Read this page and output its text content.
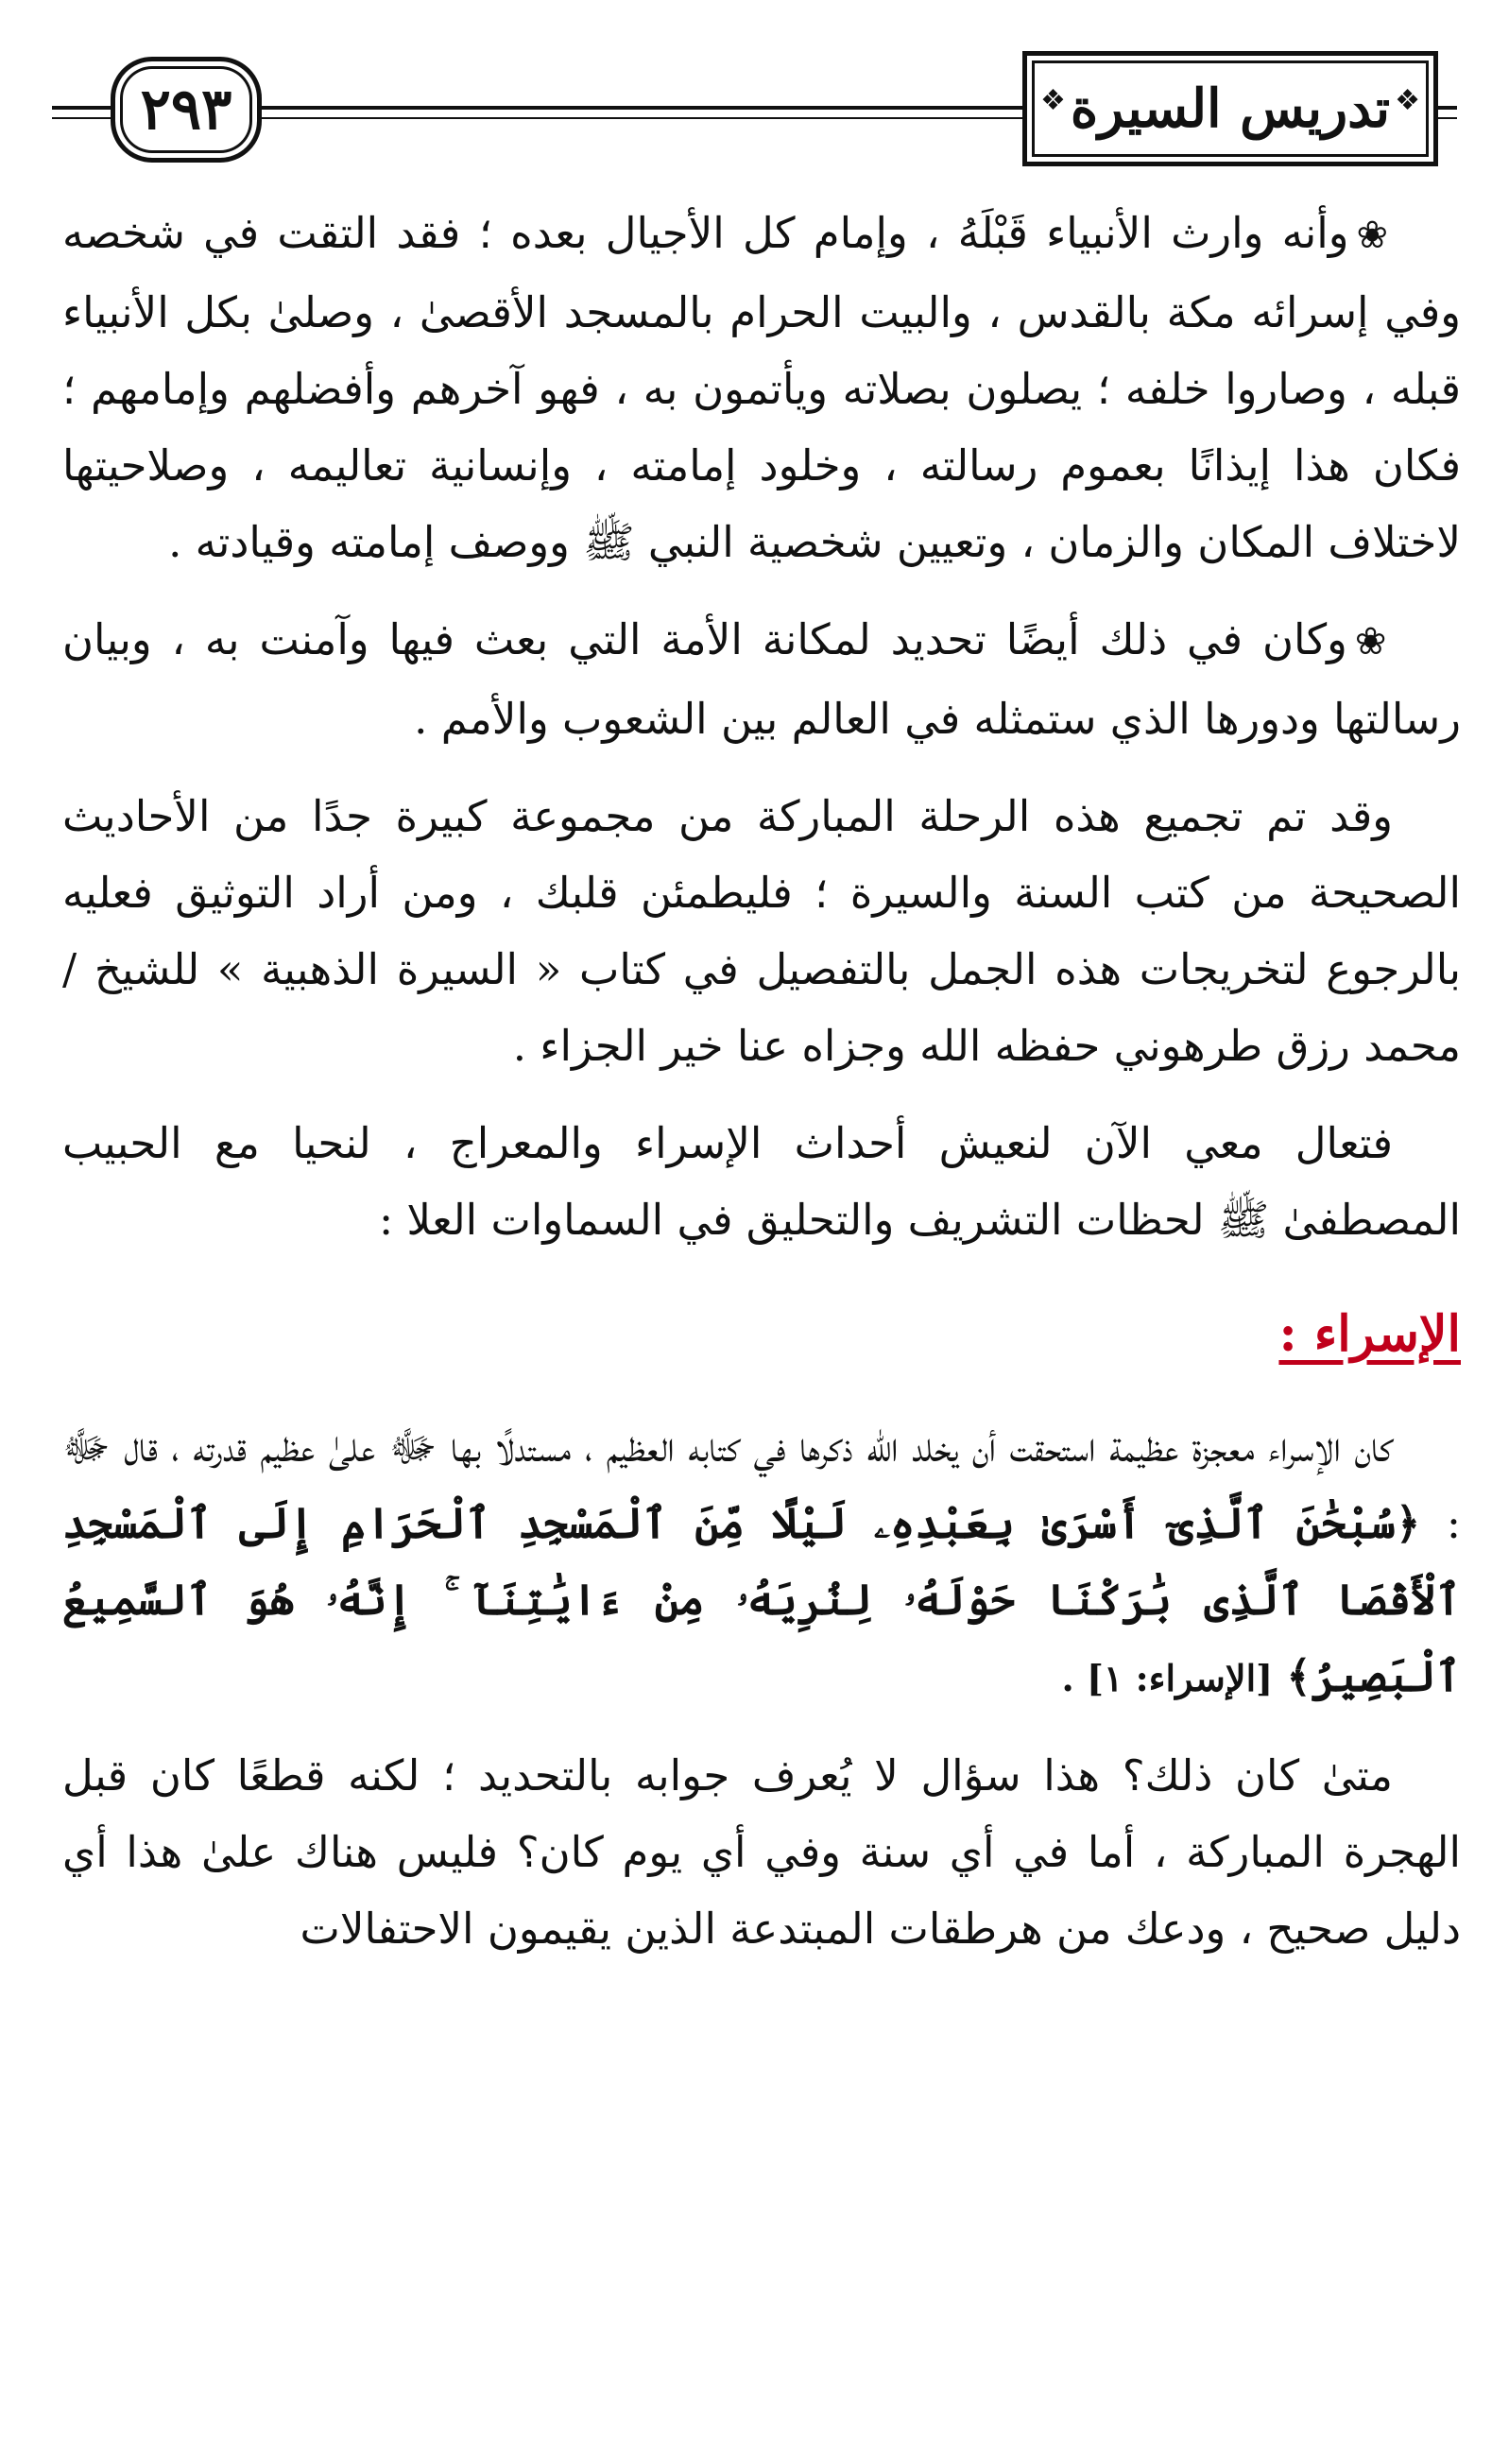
٢٩٣
❖	تدريس السيرة
❖

❀وأنه وارث الأنبياء قَبْلَهُ ، وإمام كل الأجيال بعده ؛ فقد التقت في شخصه وفي إسرائه مكة بالقدس ، والبيت الحرام بالمسجد الأقصىٰ ، وصلىٰ بكل الأنبياء قبله ، وصاروا خلفه ؛ يصلون بصلاته ويأتمون به ، فهو آخرهم وأفضلهم وإمامهم ؛ فكان هذا إيذانًا بعموم رسالته ، وخلود إمامته ، وإنسانية تعاليمه ، وصلاحيتها لاختلاف المكان والزمان ، وتعيين شخصية النبي ﷺ ووصف إمامته وقيادته .

❀وكان في ذلك أيضًا تحديد لمكانة الأمة التي بعث فيها وآمنت به ، وبيان رسالتها ودورها الذي ستمثله في العالم بين الشعوب والأمم .

وقد تم تجميع هذه الرحلة المباركة من مجموعة كبيرة جدًا من الأحاديث الصحيحة من كتب السنة والسيرة ؛ فليطمئن قلبك ، ومن أراد التوثيق فعليه بالرجوع لتخريجات هذه الجمل بالتفصيل في كتاب « السيرة الذهبية » للشيخ / محمد رزق طرهوني حفظه الله وجزاه عنا خير الجزاء .

فتعال معي الآن لنعيش أحداث الإسراء والمعراج ، لنحيا مع الحبيب المصطفىٰ ﷺ لحظات التشريف والتحليق في السماوات العلا :

الإسراء :

كان الإسراء معجزة عظيمة استحقت أن يخلد الله ذكرها في كتابه العظيم ، مستدلًا بها ﷻ علىٰ عظيم قدرته ، قال ﷻ : ﴿سُبْحَٰنَ ٱلَّذِىٓ أَسْرَىٰ بِعَبْدِهِۦ لَيْلًا مِّنَ ٱلْمَسْجِدِ ٱلْحَرَامِ إِلَى ٱلْمَسْجِدِ ٱلْأَقْصَا ٱلَّذِى بَٰرَكْنَا حَوْلَهُۥ لِنُرِيَهُۥ مِنْ ءَايَٰتِنَآ ۚ إِنَّهُۥ هُوَ ٱلسَّمِيعُ ٱلْبَصِيرُ﴾ [الإسراء: ١] .

متىٰ كان ذلك؟ هذا سؤال لا يُعرف جوابه بالتحديد ؛ لكنه قطعًا كان قبل الهجرة المباركة ، أما في أي سنة وفي أي يوم كان؟ فليس هناك علىٰ هذا أي دليل صحيح ، ودعك من هرطقات المبتدعة الذين يقيمون الاحتفالات
